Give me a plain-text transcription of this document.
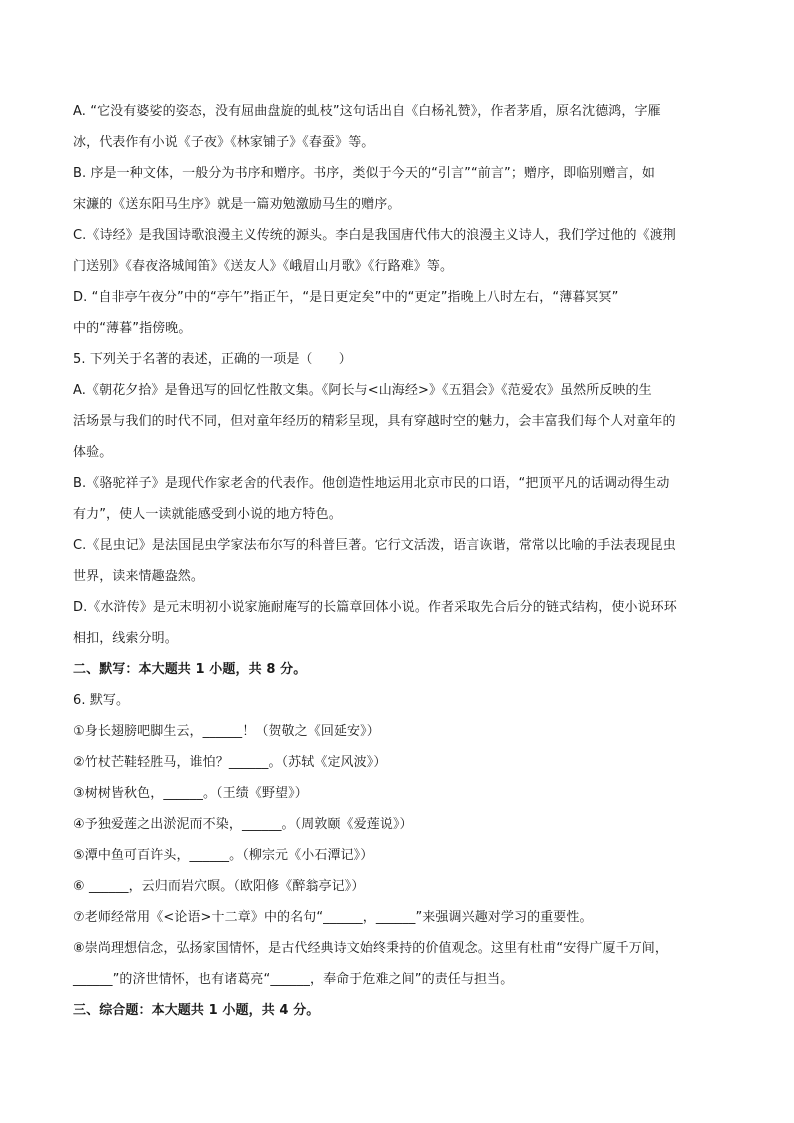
A. “它没有婆娑的姿态，没有屈曲盘旋的虬枝”这句话出自《白杨礼赞》，作者茅盾，原名沈德鸿，字雁
冰，代表作有小说《子夜》《林家铺子》《春蚕》等。
B. 序是一种文体，一般分为书序和赠序。书序，类似于今天的“引言”“前言”；赠序，即临别赠言，如
宋濂的《送东阳马生序》就是一篇劝勉激励马生的赠序。
C.《诗经》是我国诗歌浪漫主义传统的源头。李白是我国唐代伟大的浪漫主义诗人，我们学过他的《渡荆
门送别》《春夜洛城闻笛》《送友人》《峨眉山月歌》《行路难》等。
D. “自非亭午夜分”中的“亭午”指正午，“是日更定矣”中的“更定”指晚上八时左右，“薄暮冥冥”
中的“薄暮”指傍晚。
5. 下列关于名著的表述，正确的一项是（　　）
A.《朝花夕拾》是鲁迅写的回忆性散文集。《阿长与<山海经>》《五猖会》《范爱农》虽然所反映的生
活场景与我们的时代不同，但对童年经历的精彩呈现，具有穿越时空的魅力，会丰富我们每个人对童年的
体验。
B.《骆驼祥子》是现代作家老舍的代表作。他创造性地运用北京市民的口语，“把顶平凡的话调动得生动
有力”，使人一读就能感受到小说的地方特色。
C.《昆虫记》是法国昆虫学家法布尔写的科普巨著。它行文活泼，语言诙谐，常常以比喻的手法表现昆虫
世界，读来情趣盎然。
D.《水浒传》是元末明初小说家施耐庵写的长篇章回体小说。作者采取先合后分的链式结构，使小说环环
相扣，线索分明。
二、默写：本大题共 1 小题，共 8 分。
6. 默写。
①身长翅膀吧脚生云，______！（贺敬之《回延安》）
②竹杖芒鞋轻胜马，谁怕？______。（苏轼《定风波》）
③树树皆秋色，______。（王绩《野望》）
④予独爱莲之出淤泥而不染，______。（周敦颐《爱莲说》）
⑤潭中鱼可百许头，______。（柳宗元《小石潭记》）
⑥ ______，云归而岩穴暝。（欧阳修《醉翁亭记》）
⑦老师经常用《<论语>十二章》中的名句“______，______”来强调兴趣对学习的重要性。
⑧崇尚理想信念，弘扬家国情怀，是古代经典诗文始终秉持的价值观念。这里有杜甫“安得广厦千万间，
______”的济世情怀，也有诸葛亮“______，奉命于危难之间”的责任与担当。
三、综合题：本大题共 1 小题，共 4 分。
